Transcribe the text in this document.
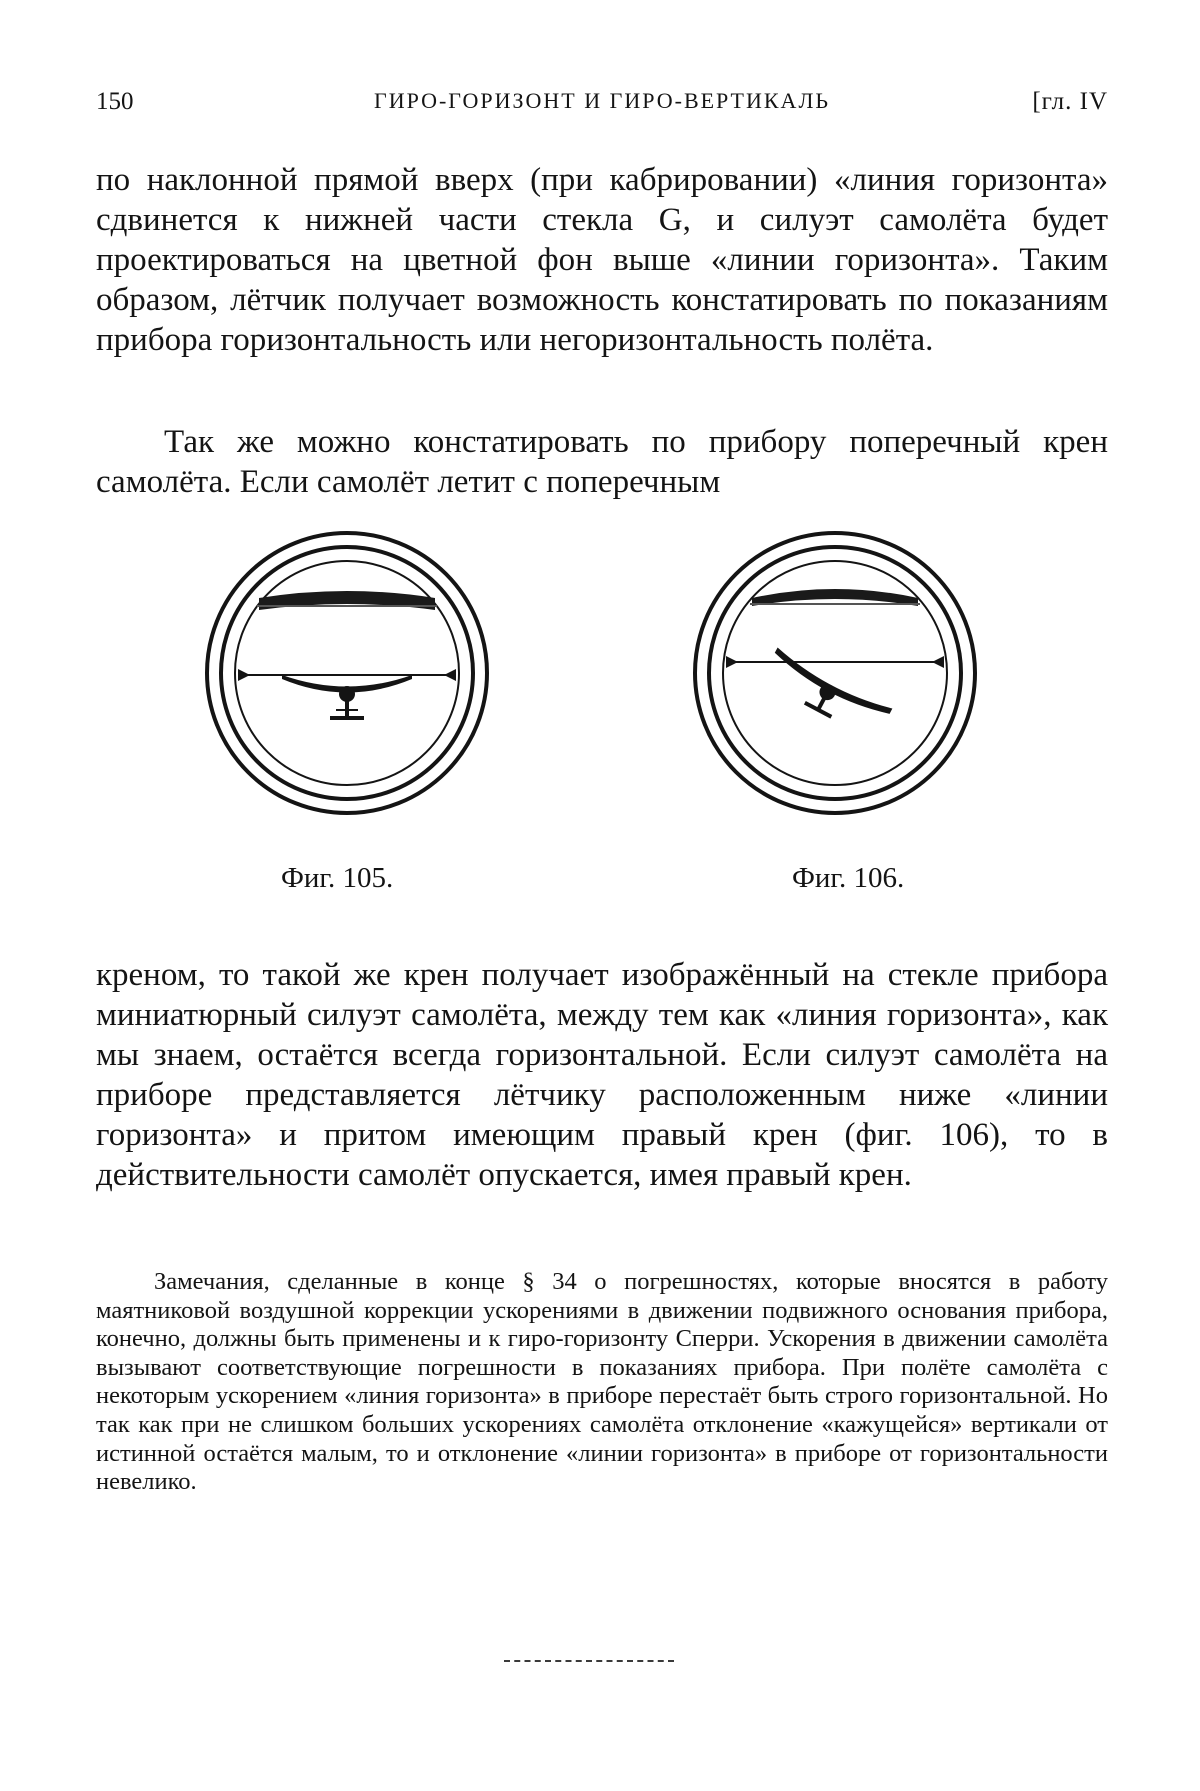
150	ГИРО-ГОРИЗОНТ И ГИРО-ВЕРТИКАЛЬ	[гл. IV

по наклонной прямой вверх (при кабрировании) «линия горизонта» сдвинется к нижней части стекла G, и силуэт самолёта будет проектироваться на цветной фон выше «линии горизонта». Таким образом, лётчик получает возможность констатировать по показаниям прибора горизонтальность или негоризонтальность полёта.

Так же можно констатировать по прибору поперечный крен самолёта. Если самолёт летит с поперечным

Фиг. 105.	Фиг. 106.

креном, то такой же крен получает изображённый на стекле прибора миниатюрный силуэт самолёта, между тем как «линия горизонта», как мы знаем, остаётся всегда горизонтальной. Если силуэт самолёта на приборе представляется лётчику расположенным ниже «линии горизонта» и притом имеющим правый крен (фиг. 106), то в действительности самолёт опускается, имея правый крен.

Замечания, сделанные в конце § 34 о погрешностях, которые вносятся в работу маятниковой воздушной коррекции ускорениями в движении подвижного основания прибора, конечно, должны быть применены и к гиро-горизонту Сперри. Ускорения в движении самолёта вызывают соответствующие погрешности в показаниях прибора. При полёте самолёта с некоторым ускорением «линия горизонта» в приборе перестаёт быть строго горизонтальной. Но так как при не слишком больших ускорениях самолёта отклонение «кажущейся» вертикали от истинной остаётся малым, то и отклонение «линии горизонта» в приборе от горизонтальности невелико.
